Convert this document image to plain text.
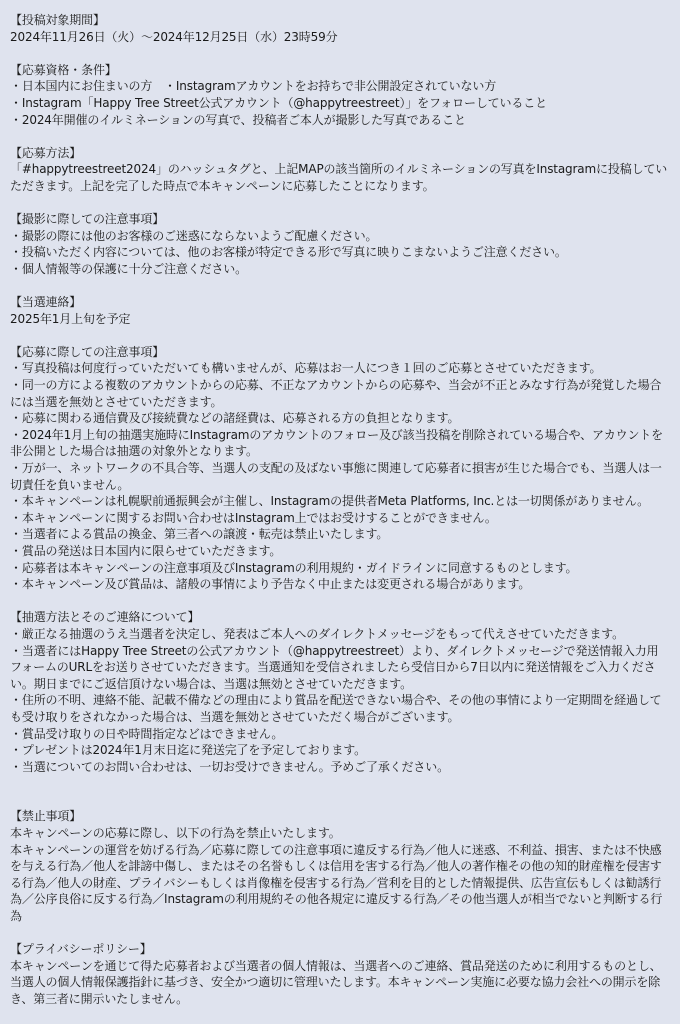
【投稿対象期間】
2024年11月26日（火）〜2024年12月25日（水）23時59分
【応募資格・条件】
・日本国内にお住まいの方　・Instagramアカウントをお持ちで非公開設定されていない方
・Instagram「Happy Tree Street公式アカウント（@happytreestreet）」をフォローしていること
・2024年開催のイルミネーションの写真で、投稿者ご本人が撮影した写真であること
【応募方法】
「#happytreestreet2024」のハッシュタグと、上記MAPの該当箇所のイルミネーションの写真をInstagramに投稿していただきます。上記を完了した時点で本キャンペーンに応募したことになります。
【撮影に際しての注意事項】
・撮影の際には他のお客様のご迷惑にならないようご配慮ください。
・投稿いただく内容については、他のお客様が特定できる形で写真に映りこまないようご注意ください。
・個人情報等の保護に十分ご注意ください。
【当選連絡】
2025年1月上旬を予定
【応募に際しての注意事項】
・写真投稿は何度行っていただいても構いませんが、応募はお一人につき１回のご応募とさせていただきます。
・同一の方による複数のアカウントからの応募、不正なアカウントからの応募や、当会が不正とみなす行為が発覚した場合には当選を無効とさせていただきます。
・応募に関わる通信費及び接続費などの諸経費は、応募される方の負担となります。
・2024年1月上旬の抽選実施時にInstagramのアカウントのフォロー及び該当投稿を削除されている場合や、アカウントを非公開とした場合は抽選の対象外となります。
・万が一、ネットワークの不具合等、当選人の支配の及ばない事態に関連して応募者に損害が生じた場合でも、当選人は一切責任を負いません。
・本キャンペーンは札幌駅前通振興会が主催し、Instagramの提供者Meta Platforms, Inc.とは一切関係がありません。
・本キャンペーンに関するお問い合わせはInstagram上ではお受けすることができません。
・当選者による賞品の換金、第三者への譲渡・転売は禁止いたします。
・賞品の発送は日本国内に限らせていただきます。
・応募者は本キャンペーンの注意事項及びInstagramの利用規約・ガイドラインに同意するものとします。
・本キャンペーン及び賞品は、諸般の事情により予告なく中止または変更される場合があります。
【抽選方法とそのご連絡について】
・厳正なる抽選のうえ当選者を決定し、発表はご本人へのダイレクトメッセージをもって代えさせていただきます。
・当選者にはHappy Tree Streetの公式アカウント（@happytreestreet）より、ダイレクトメッセージで発送情報入力用フォームのURLをお送りさせていただきます。当選通知を受信されましたら受信日から7日以内に発送情報をご入力ください。期日までにご返信頂けない場合は、当選は無効とさせていただきます。
・住所の不明、連絡不能、記載不備などの理由により賞品を配送できない場合や、その他の事情により一定期間を経過しても受け取りをされなかった場合は、当選を無効とさせていただく場合がございます。
・賞品受け取りの日や時間指定などはできません。
・プレゼントは2024年1月末日迄に発送完了を予定しております。
・当選についてのお問い合わせは、一切お受けできません。予めご了承ください。
【禁止事項】
本キャンペーンの応募に際し、以下の行為を禁止いたします。
本キャンペーンの運営を妨げる行為／応募に際しての注意事項に違反する行為／他人に迷惑、不利益、損害、または不快感を与える行為／他人を誹謗中傷し、またはその名誉もしくは信用を害する行為／他人の著作権その他の知的財産権を侵害する行為／他人の財産、プライバシーもしくは肖像権を侵害する行為／営利を目的とした情報提供、広告宣伝もしくは勧誘行為／公序良俗に反する行為／Instagramの利用規約その他各規定に違反する行為／その他当選人が相当でないと判断する行為
【プライバシーポリシー】
本キャンペーンを通じて得た応募者および当選者の個人情報は、当選者へのご連絡、賞品発送のために利用するものとし、当選人の個人情報保護指針に基づき、安全かつ適切に管理いたします。本キャンペーン実施に必要な協力会社への開示を除き、第三者に開示いたしません。
